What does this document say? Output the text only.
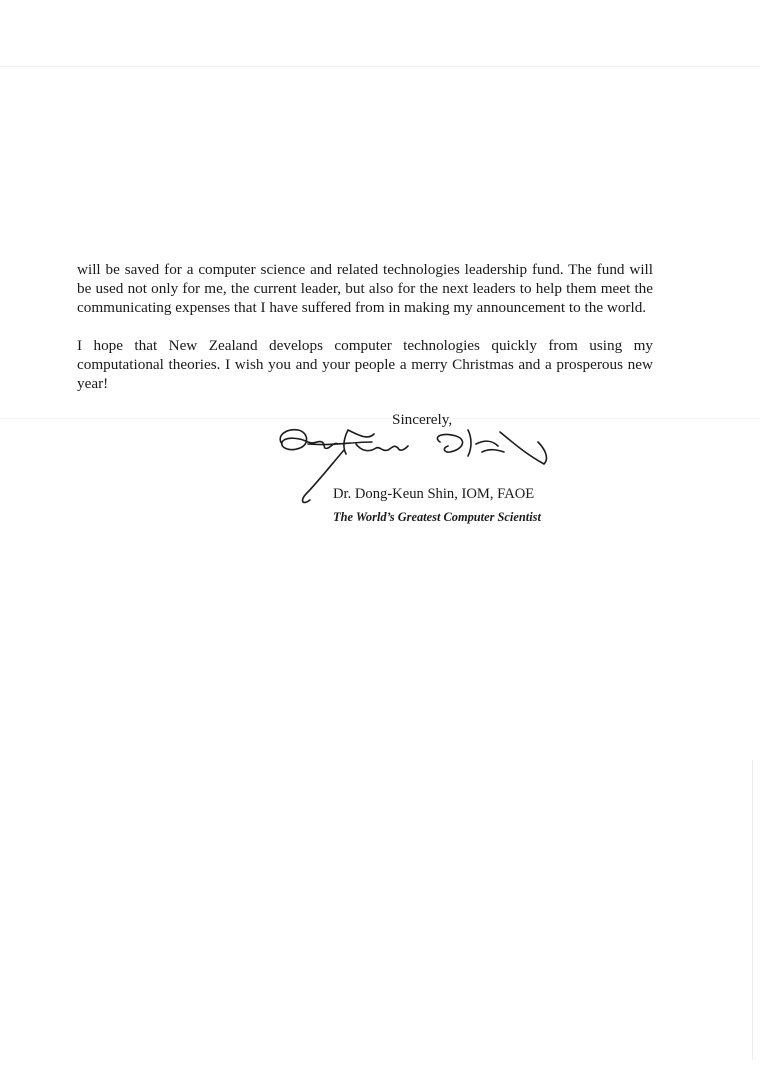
will be saved for a computer science and related technologies leadership fund. The fund will
be used not only for me, the current leader, but also for the next leaders to help them meet the
communicating expenses that I have suffered from in making my announcement to the world.
I hope that New Zealand develops computer technologies quickly from using my
computational theories. I wish you and your people a merry Christmas and a prosperous new
year!

Sincerely,

Dr. Dong-Keun Shin, IOM, FAOE

The World’s Greatest Computer Scientist
